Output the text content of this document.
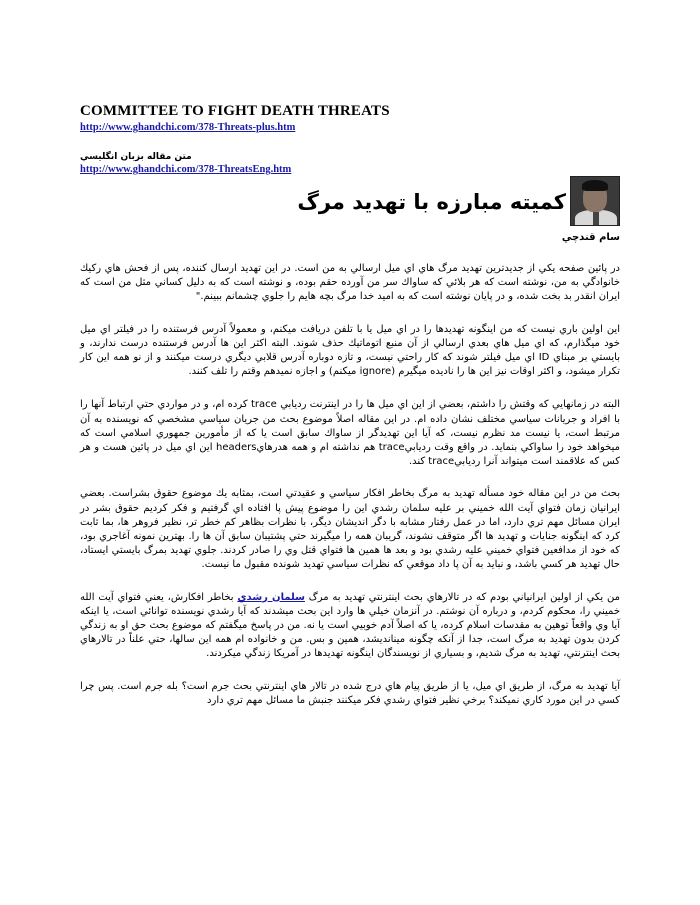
COMMITTEE TO FIGHT DEATH THREATS
http://www.ghandchi.com/378-Threats-plus.htm
متن مقاله بزبان انگليسي
http://www.ghandchi.com/378-ThreatsEng.htm
كميته مبارزه با تهديد مرگ
سام قندچي

در پائين صفحه يكي از جديدترين تهديد مرگ هاي اي ميل ارسالي به من است. در اين تهديد ارسال كننده، پس از فحش هاي ركيك خانوادگي به من، نوشته است كه هر بلائي كه ساواك سر من آورده حقم بوده، و نوشته است كه به دليل كساني مثل من است كه ايران انقدر بد بخت شده، و در پايان نوشته است كه به اميد خدا مرگ بچه هايم را جلوي چشمانم ببينم."

اين اولين باري نيست كه من اينگونه تهديدها را در اي ميل يا با تلفن دريافت ميكنم، و معمولاً آدرس فرستنده را در فيلتر اي ميل خود ميگذارم، كه اي ميل هاي بعدي ارسالي از آن منبع اتوماتيك حذف شوند. البته اكثر اين ها آدرس فرستنده درست ندارند، و بايستي بر مبناي ID اي ميل فيلتر شوند كه كار راحتي نيست، و تازه دوباره آدرس قلابي ديگري درست ميكنند و از نو همه اين كار تكرار ميشود، و اكثر اوقات نيز اين ها را ناديده ميگيرم (ignore ميكنم) و اجازه نميدهم وقتم را تلف كنند.

البته در زمانهايي كه وقتش را داشتم، بعضي از اين اي ميل ها را در اينترنت رديابي trace كرده ام، و در مواردي حتي ارتباط آنها را با افراد و جريانات سياسي مختلف نشان داده ام. در اين مقاله اصلاً موضوع بحث من جريان سياسي مشخصي كه نويسنده به آن مرتبط است، يا نيست مد نظرم نيست، كه آيا اين تهديدگر از ساواك سابق است يا كه از مأمورين جمهوري اسلامي است كه ميخواهد خود را ساواكي بنمايد. در واقع وقت رديابيtrace هم نداشته ام و همه هدرهايheaders اين اي ميل در پائين هست و هر كس كه علاقمند است ميتواند آنرا رديابيtrace كند.

بحث من در اين مقاله خود مسأله تهديد به مرگ بخاطر افكار سياسي و عقيدتي است، بمثابه يك موضوع حقوق بشراست. بعضي ايرانيان زمان فتواي آيت الله خميني بر عليه سلمان رشدي اين را موضوع پيش پا افتاده اي گرفتيم و فكر كرديم حقوق بشر در ايران مسائل مهم تري دارد، اما در عمل رفتار مشابه با دگر انديشان ديگر، با نظرات بظاهر كم خطر تر، نظير فروهر ها، بما ثابت كرد كه اينگونه جنايات و تهديد ها اگر متوقف نشوند، گريبان همه را ميگيرند حتي پشتيبان سابق آن ها را. بهترين نمونه آغاجري بود، كه خود از مدافعين فتواي خميني عليه رشدي بود و بعد ها همين ها فتواي قتل وي را صادر كردند. جلوي تهديد بمرگ بايستي ايستاد، حال تهديد هر كسي باشد، و نبايد به آن پا داد موقعي كه نظرات سياسي تهديد شونده مقبول ما نيست.

من يكي از اولين ايرانياني بودم كه در تالارهاي بحث اينترنتي تهديد به مرگ سلمان رشدي بخاطر افكارش، يعني فتواي آيت الله خميني را، محكوم كردم، و درباره آن نوشتم. در آنزمان خيلي ها وارد اين بحث ميشدند كه آيا رشدي نويسنده توانائي است، يا اينكه آيا وي واقعاً توهين به مقدسات اسلام كرده، يا كه اصلاً آدم خوبيي است يا نه. من در پاسخ ميگفتم كه موضوع بحث حق او به زندگي كردن بدون تهديد به مرگ است، جدا از آنكه چگونه مينانديشد، همين و بس. من و خانواده ام همه اين سالها، حتي علناً در تالارهاي بحث اينترنتي، تهديد به مرگ شديم، و بسياري از نويسندگان اينگونه تهديدها در آمريكا زندگي ميكردند.

آيا تهديد به مرگ، از طريق اي ميل، يا از طريق پيام هاي درج شده در تالار هاي اينترنتي بحث جرم است؟ بله جرم است. پس چرا كسي در اين مورد كاري نميكند؟ برخي نظير فتواي رشدي فكر ميكنند جنبش ما مسائل مهم تري دارد
